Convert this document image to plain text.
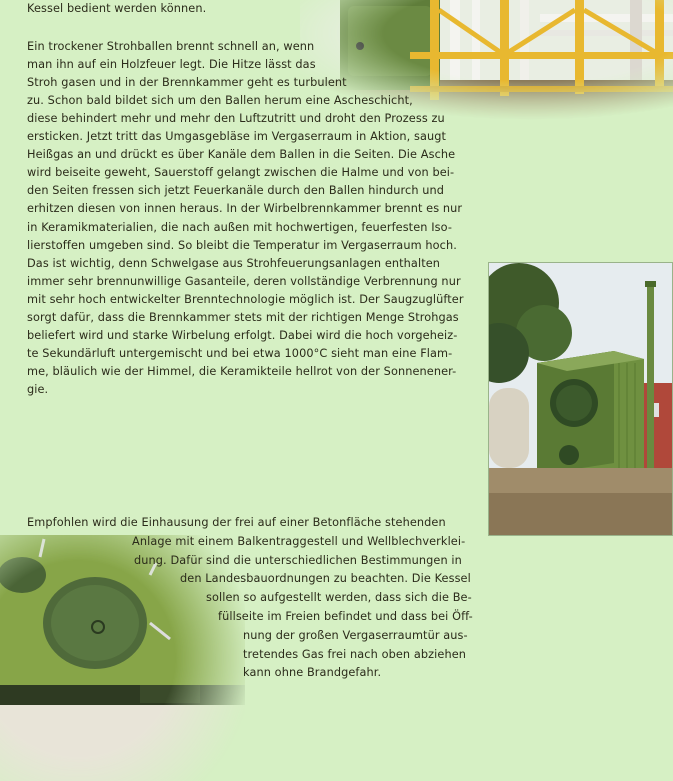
Kessel bedient werden können.
Ein trockener Strohballen brennt schnell an, wenn
man ihn auf ein Holzfeuer legt. Die Hitze lässt das
Stroh gasen und in der Brennkammer geht es turbulent
zu. Schon bald bildet sich um den Ballen herum eine Ascheschicht,
diese behindert mehr und mehr den Luftzutritt und droht den Prozess zu
ersticken. Jetzt tritt das Umgasgebläse im Vergaserraum in Aktion, saugt
Heißgas an und drückt es über Kanäle dem Ballen in die Seiten. Die Asche
wird beiseite geweht, Sauerstoff gelangt zwischen die Halme und von bei-
den Seiten fressen sich jetzt Feuerkanäle durch den Ballen hindurch und
erhitzen diesen von innen heraus. In der Wirbelbrennkammer brennt es nur
in Keramikmaterialien, die nach außen mit hochwertigen, feuerfesten Iso-
lierstoffen umgeben sind. So bleibt die Temperatur im Vergaserraum hoch.
Das ist wichtig, denn Schwelgase aus Strohfeuerungsanlagen enthalten
immer sehr brennunwillige Gasanteile, deren vollständige Verbrennung nur
mit sehr hoch entwickelter Brenntechnologie möglich ist. Der Saugzuglüfter
sorgt dafür, dass die Brennkammer stets mit der richtigen Menge Strohgas
beliefert wird und starke Wirbelung erfolgt. Dabei wird die hoch vorgeheiz-
te Sekundärluft untergemischt und bei etwa 1000°C sieht man eine Flam-
me, bläulich wie der Himmel, die Keramikteile hellrot von der Sonnenener-
gie.
Empfohlen wird die Einhausung der frei auf einer Betonfläche stehenden
Anlage mit einem Balkentraggestell und Wellblechverklei-
dung. Dafür sind die unterschiedlichen Bestimmungen in
den Landesbauordnungen zu beachten. Die Kessel
sollen so aufgestellt werden, dass sich die Be-
füllseite im Freien befindet und dass bei Öff-
nung der großen Vergaserraumtür aus-
tretendes Gas frei nach oben abziehen
kann ohne Brandgefahr.
